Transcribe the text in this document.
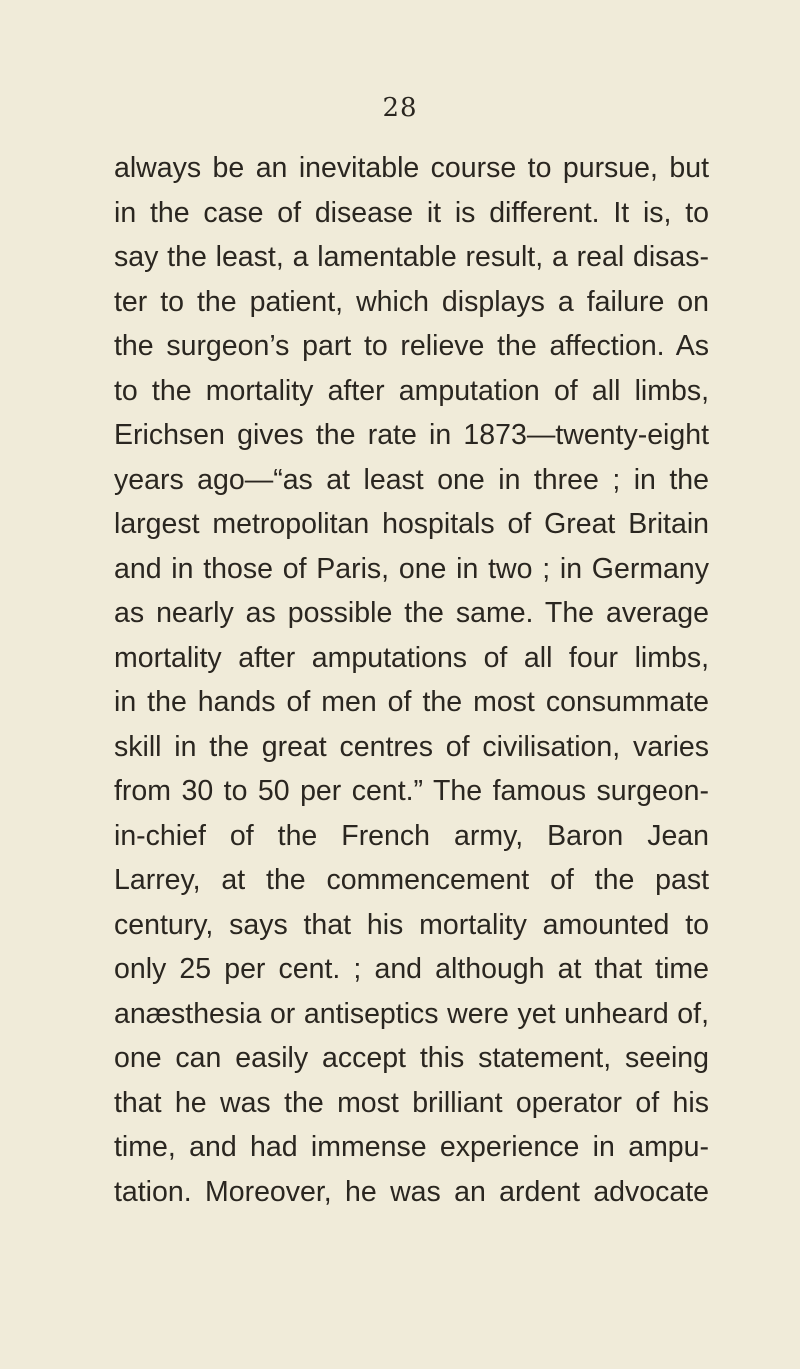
28
always be an inevitable course to pursue, but
in the case of disease it is different. It is, to
say the least, a lamentable result, a real disas-
ter to the patient, which displays a failure on
the surgeon’s part to relieve the affection. As
to the mortality after amputation of all limbs,
Erichsen gives the rate in 1873—twenty-eight
years ago—“as at least one in three ; in the
largest metropolitan hospitals of Great Britain
and in those of Paris, one in two ; in Germany
as nearly as possible the same. The average
mortality after amputations of all four limbs,
in the hands of men of the most consummate
skill in the great centres of civilisation, varies
from 30 to 50 per cent.” The famous surgeon-
in-chief of the French army, Baron Jean
Larrey, at the commencement of the past
century, says that his mortality amounted to
only 25 per cent. ; and although at that time
anæsthesia or antiseptics were yet unheard of,
one can easily accept this statement, seeing
that he was the most brilliant operator of his
time, and had immense experience in ampu-
tation. Moreover, he was an ardent advocate
